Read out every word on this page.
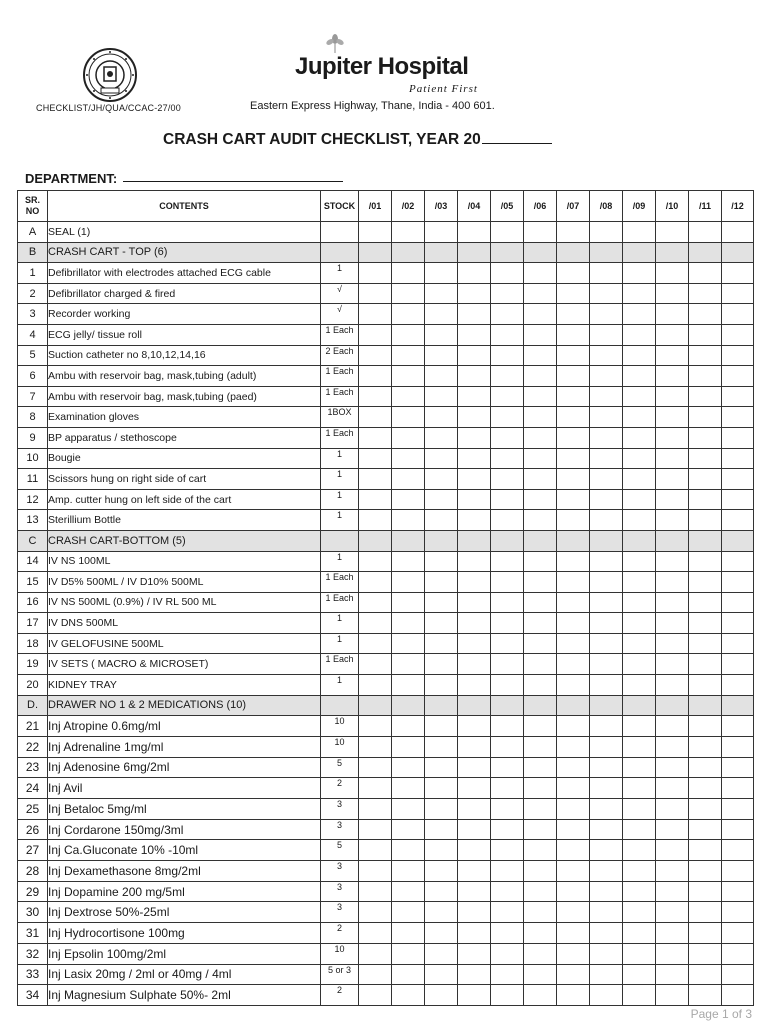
CHECKLIST/JH/QUA/CCAC-27/00
Jupiter Hospital
Patient First
Eastern Express Highway, Thane, India - 400 601.
CRASH CART AUDIT CHECKLIST, YEAR 20
DEPARTMENT:
SR. NO	CONTENTS	STOCK	/01	/02	/03	/04	/05	/06	/07	/08	/09	/10	/11	/12
A	SEAL (1)													
B	CRASH CART - TOP (6)													
1	Defibrillator with electrodes attached ECG cable	1												
2	Defibrillator charged & fired	√												
3	Recorder working	√												
4	ECG jelly/ tissue roll	1 Each												
5	Suction catheter no 8,10,12,14,16	2 Each												
6	Ambu with reservoir bag, mask,tubing (adult)	1 Each												
7	Ambu with reservoir bag, mask,tubing (paed)	1 Each												
8	Examination gloves	1BOX												
9	BP apparatus / stethoscope	1 Each												
10	Bougie	1												
11	Scissors hung on right side of cart	1												
12	Amp. cutter hung on left side of the cart	1												
13	Sterillium Bottle	1												
C	CRASH CART-BOTTOM (5)													
14	IV NS 100ML	1												
15	IV D5% 500ML / IV D10% 500ML	1 Each												
16	IV NS 500ML (0.9%) / IV RL 500 ML	1 Each												
17	IV DNS 500ML	1												
18	IV GELOFUSINE 500ML	1												
19	IV SETS ( MACRO & MICROSET)	1 Each												
20	KIDNEY TRAY	1												
D.	DRAWER NO 1 & 2 MEDICATIONS (10)													
21	Inj Atropine 0.6mg/ml	10												
22	Inj Adrenaline 1mg/ml	10												
23	Inj Adenosine 6mg/2ml	5												
24	Inj Avil	2												
25	Inj Betaloc 5mg/ml	3												
26	Inj Cordarone 150mg/3ml	3												
27	Inj Ca.Gluconate 10% -10ml	5												
28	Inj Dexamethasone 8mg/2ml	3												
29	Inj Dopamine 200 mg/5ml	3												
30	Inj Dextrose 50%-25ml	3												
31	Inj Hydrocortisone 100mg	2												
32	Inj Epsolin 100mg/2ml	10												
33	Inj Lasix 20mg / 2ml or 40mg / 4ml	5 or 3												
34	Inj Magnesium Sulphate 50%- 2ml	2												
Page 1 of 3
